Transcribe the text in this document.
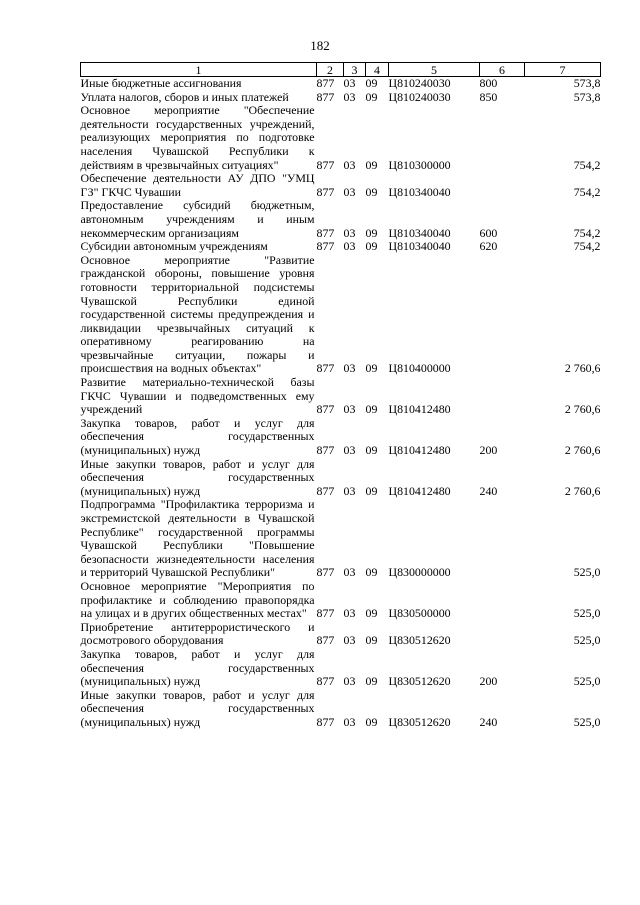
182
1	2	3	4	5	6	7
Иные бюджетные ассигнования	877	03	09	Ц810240030	800	573,8
Уплата налогов, сборов и иных платежей	877	03	09	Ц810240030	850	573,8
Основное мероприятие "Обеспечение деятельности государственных учреждений, реализующих мероприятия по подготовке населения Чувашской Республики к действиям в чрезвычайных ситуациях"	877	03	09	Ц810300000		754,2
Обеспечение деятельности АУ ДПО "УМЦ ГЗ" ГКЧС Чувашии	877	03	09	Ц810340040		754,2
Предоставление субсидий бюджетным, автономным учреждениям и иным некоммерческим организациям	877	03	09	Ц810340040	600	754,2
Субсидии автономным учреждениям	877	03	09	Ц810340040	620	754,2
Основное мероприятие "Развитие гражданской обороны, повышение уровня готовности территориальной подсистемы Чувашской Республики единой государственной системы предупреждения и ликвидации чрезвычайных ситуаций к оперативному реагированию на чрезвычайные ситуации, пожары и происшествия на водных объектах"	877	03	09	Ц810400000		2 760,6
Развитие материально-технической базы ГКЧС Чувашии и подведомственных ему учреждений	877	03	09	Ц810412480		2 760,6
Закупка товаров, работ и услуг для обеспечения государственных (муниципальных) нужд	877	03	09	Ц810412480	200	2 760,6
Иные закупки товаров, работ и услуг для обеспечения государственных (муниципальных) нужд	877	03	09	Ц810412480	240	2 760,6
Подпрограмма "Профилактика терроризма и экстремистской деятельности в Чувашской Республике" государственной программы Чувашской Республики "Повышение безопасности жизнедеятельности населения и территорий Чувашской Республики"	877	03	09	Ц830000000		525,0
Основное мероприятие "Мероприятия по профилактике и соблюдению правопорядка на улицах и в других общественных местах"	877	03	09	Ц830500000		525,0
Приобретение антитеррористического и досмотрового оборудования	877	03	09	Ц830512620		525,0
Закупка товаров, работ и услуг для обеспечения государственных (муниципальных) нужд	877	03	09	Ц830512620	200	525,0
Иные закупки товаров, работ и услуг для обеспечения государственных (муниципальных) нужд	877	03	09	Ц830512620	240	525,0
